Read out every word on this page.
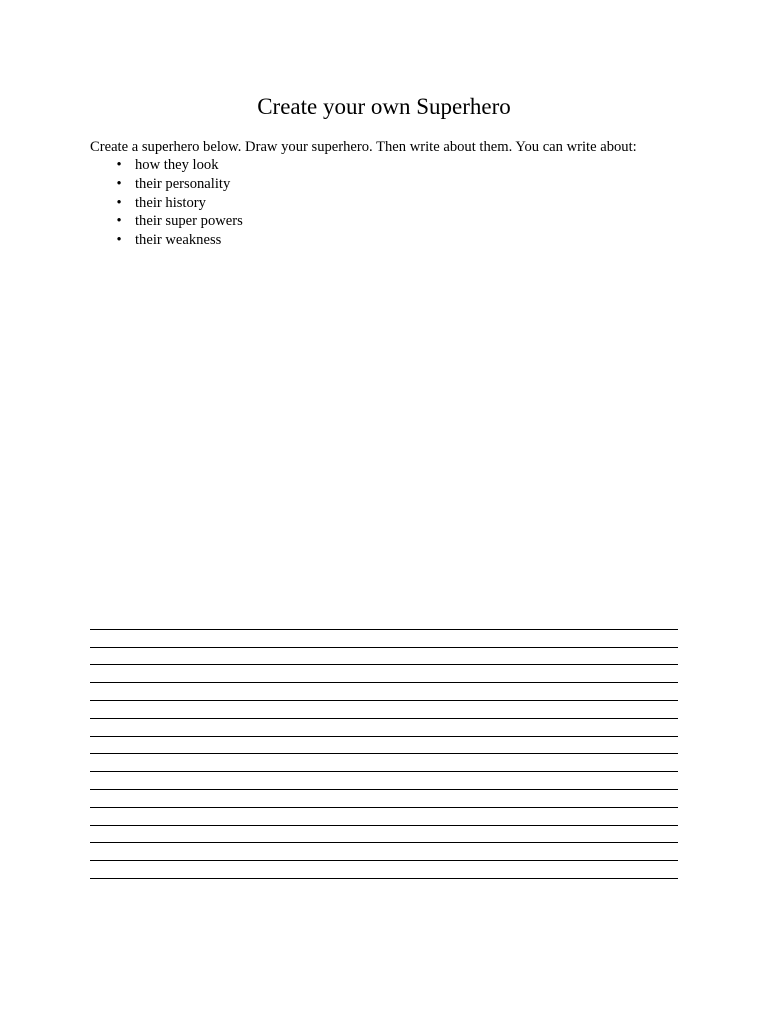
Create your own Superhero

Create a superhero below. Draw your superhero. Then write about them. You can write about:

• how they look
• their personality
• their history
• their super powers
• their weakness
